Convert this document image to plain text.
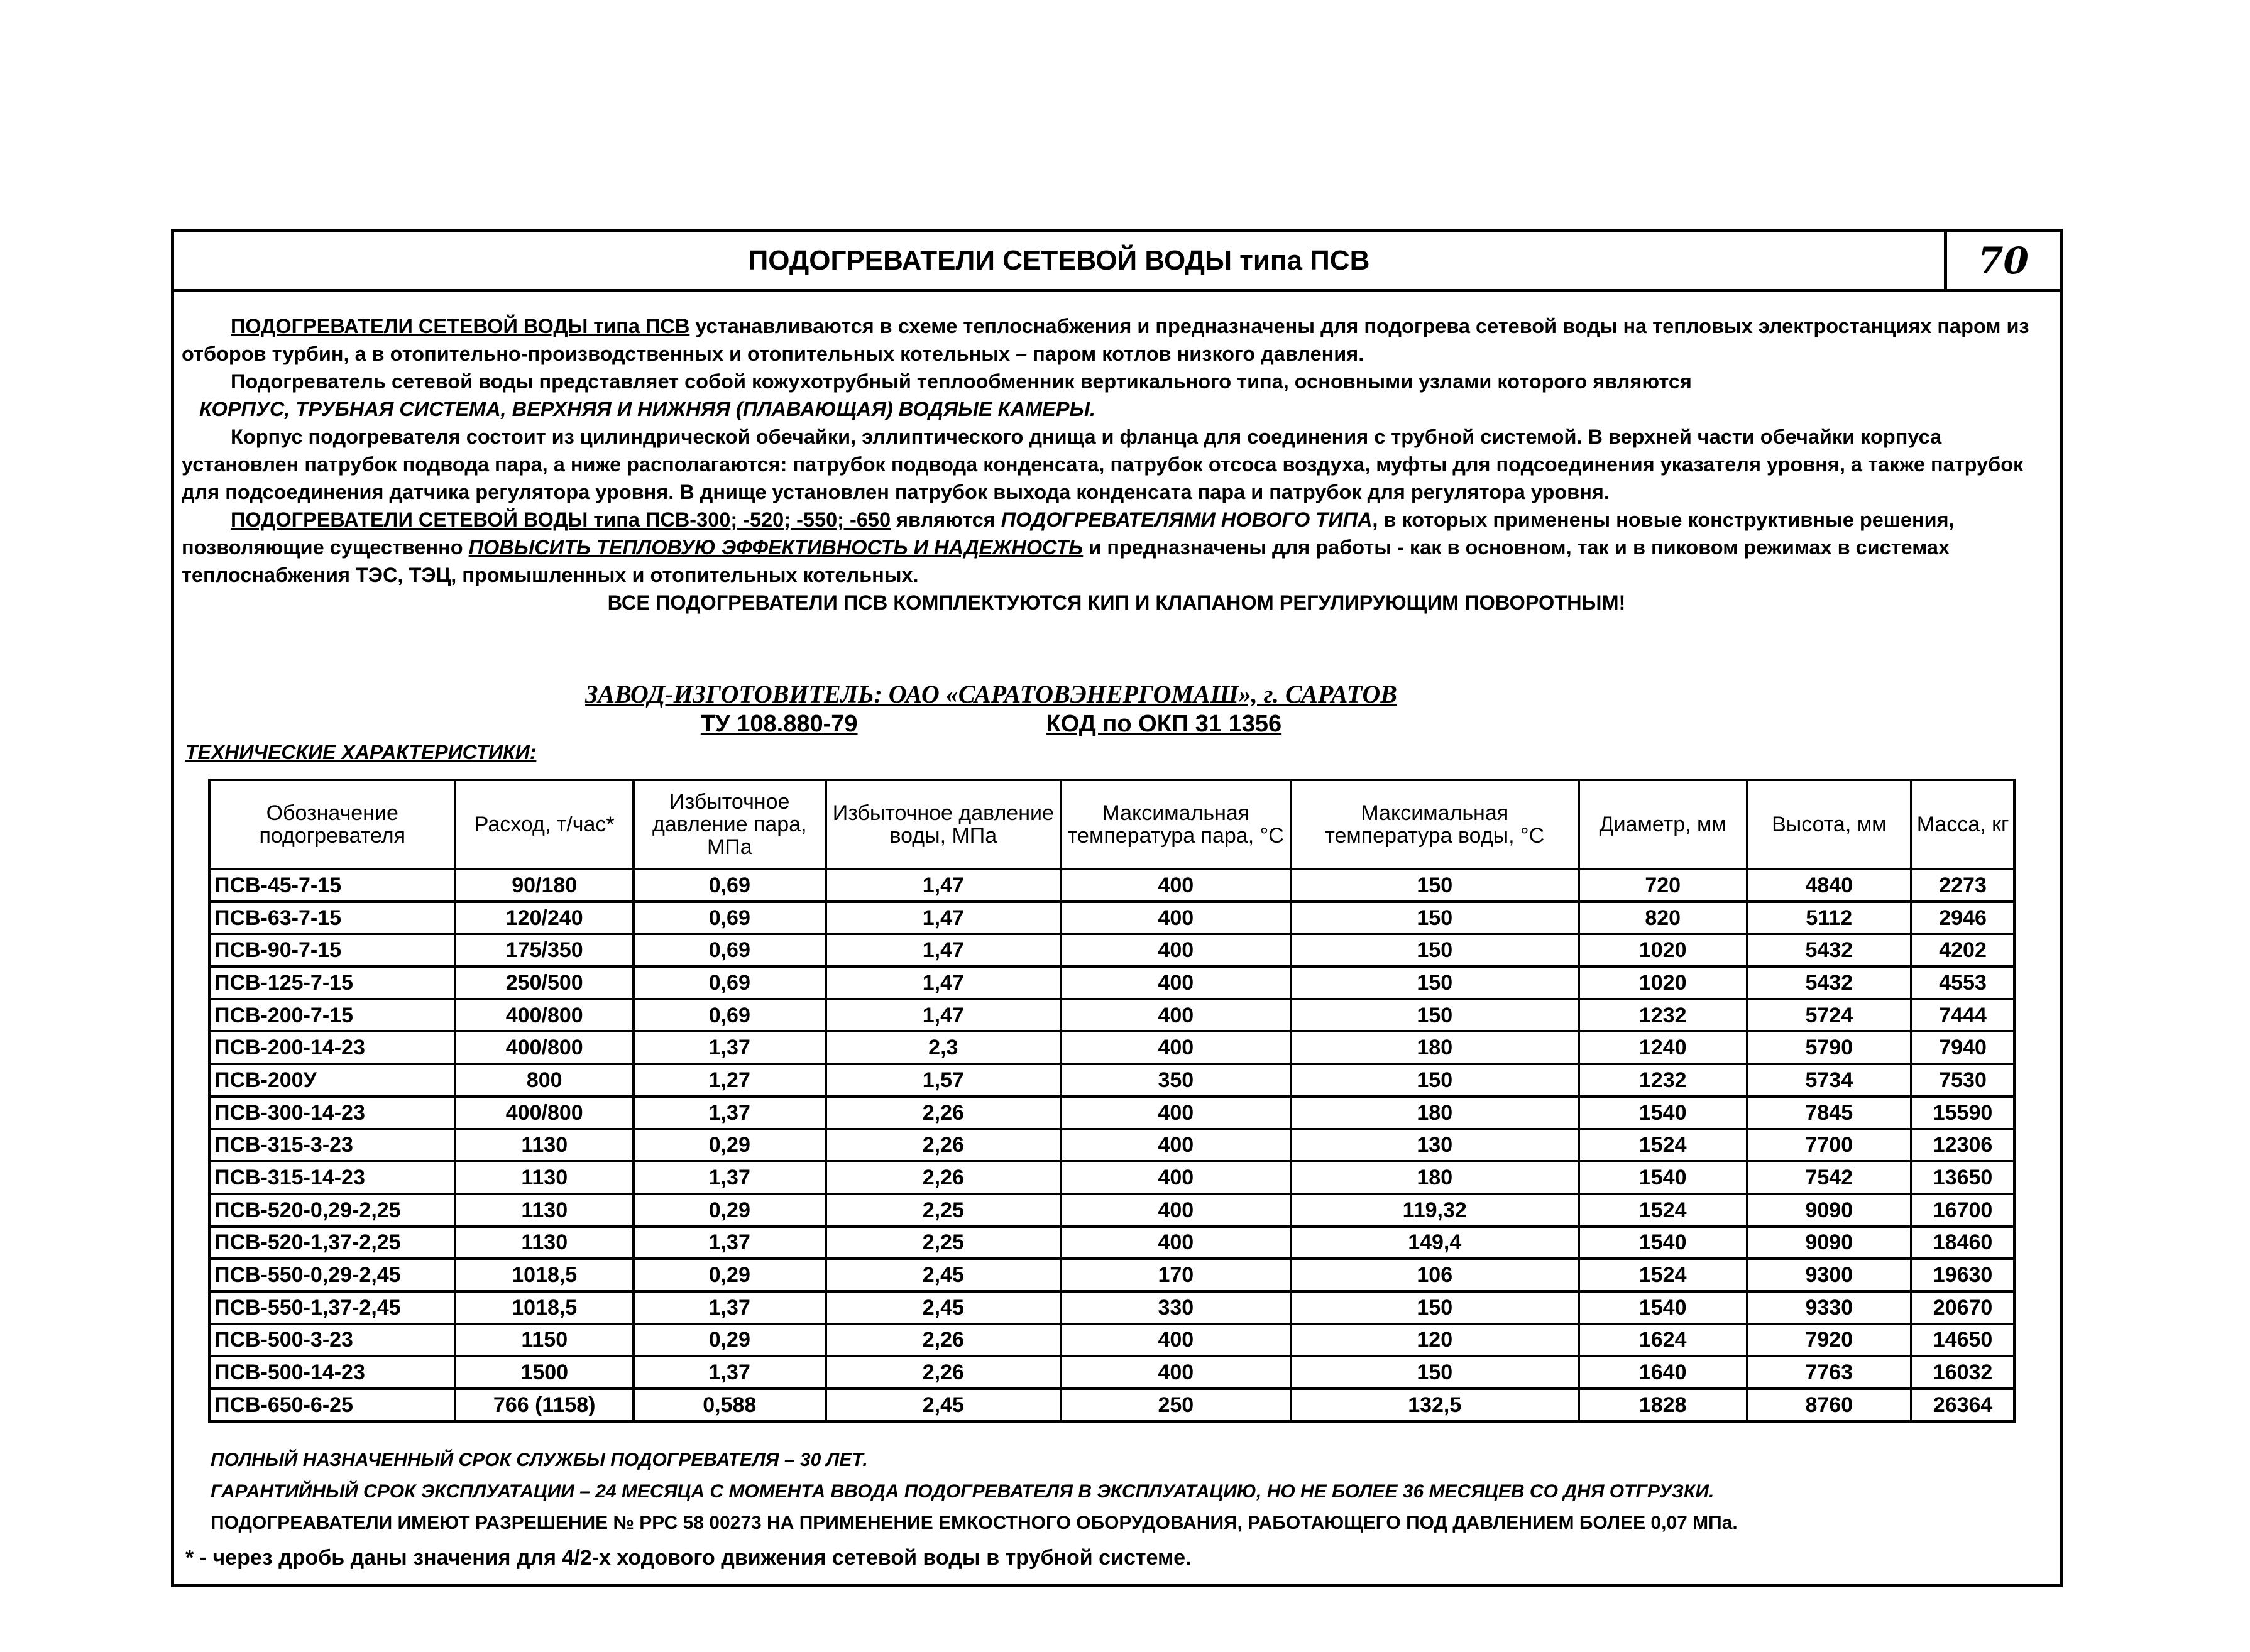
ПОДОГРЕВАТЕЛИ СЕТЕВОЙ ВОДЫ типа ПСВ	70

ПОДОГРЕВАТЕЛИ СЕТЕВОЙ ВОДЫ типа ПСВ устанавливаются в схеме теплоснабжения и предназначены для подогрева сетевой воды на тепловых электростанциях паром из отборов турбин, а в отопительно-производственных и отопительных котельных – паром котлов низкого давления.

Подогреватель сетевой воды представляет собой кожухотрубный теплообменник вертикального типа, основными узлами которого являются
КОРПУС, ТРУБНАЯ СИСТЕМА, ВЕРХНЯЯ И НИЖНЯЯ (ПЛАВАЮЩАЯ) ВОДЯЫЕ КАМЕРЫ.

Корпус подогревателя состоит из цилиндрической обечайки, эллиптического днища и фланца для соединения с трубной системой. В верхней части обечайки корпуса установлен патрубок подвода пара, а ниже располагаются: патрубок подвода конденсата, патрубок отсоса воздуха, муфты для подсоединения указателя уровня, а также патрубок для подсоединения датчика регулятора уровня. В днище установлен патрубок выхода конденсата пара и патрубок для регулятора уровня.

ПОДОГРЕВАТЕЛИ СЕТЕВОЙ ВОДЫ типа ПСВ-300; -520; -550; -650 являются ПОДОГРЕВАТЕЛЯМИ НОВОГО ТИПА, в которых применены новые конструктивные решения, позволяющие существенно ПОВЫСИТЬ ТЕПЛОВУЮ ЭФФЕКТИВНОСТЬ И НАДЕЖНОСТЬ и предназначены для работы - как в основном, так и в пиковом режимах в системах теплоснабжения ТЭС, ТЭЦ, промышленных и отопительных котельных.

ВСЕ ПОДОГРЕВАТЕЛИ ПСВ КОМПЛЕКТУЮТСЯ КИП И КЛАПАНОМ РЕГУЛИРУЮЩИМ ПОВОРОТНЫМ!

ЗАВОД-ИЗГОТОВИТЕЛЬ: ОАО «САРАТОВЭНЕРГОМАШ», г. САРАТОВ
ТУ 108.880-79	КОД по ОКП 31 1356
ТЕХНИЧЕСКИЕ ХАРАКТЕРИСТИКИ:
Обозначение подогревателя	Расход, т/час*	Избыточное давление пара, МПа	Избыточное давление воды, МПа	Максимальная температура пара, °С	Максимальная температура воды, °С	Диаметр, мм	Высота, мм	Масса, кг
ПСВ-45-7-15	90/180	0,69	1,47	400	150	720	4840	2273
ПСВ-63-7-15	120/240	0,69	1,47	400	150	820	5112	2946
ПСВ-90-7-15	175/350	0,69	1,47	400	150	1020	5432	4202
ПСВ-125-7-15	250/500	0,69	1,47	400	150	1020	5432	4553
ПСВ-200-7-15	400/800	0,69	1,47	400	150	1232	5724	7444
ПСВ-200-14-23	400/800	1,37	2,3	400	180	1240	5790	7940
ПСВ-200У	800	1,27	1,57	350	150	1232	5734	7530
ПСВ-300-14-23	400/800	1,37	2,26	400	180	1540	7845	15590
ПСВ-315-3-23	1130	0,29	2,26	400	130	1524	7700	12306
ПСВ-315-14-23	1130	1,37	2,26	400	180	1540	7542	13650
ПСВ-520-0,29-2,25	1130	0,29	2,25	400	119,32	1524	9090	16700
ПСВ-520-1,37-2,25	1130	1,37	2,25	400	149,4	1540	9090	18460
ПСВ-550-0,29-2,45	1018,5	0,29	2,45	170	106	1524	9300	19630
ПСВ-550-1,37-2,45	1018,5	1,37	2,45	330	150	1540	9330	20670
ПСВ-500-3-23	1150	0,29	2,26	400	120	1624	7920	14650
ПСВ-500-14-23	1500	1,37	2,26	400	150	1640	7763	16032
ПСВ-650-6-25	766 (1158)	0,588	2,45	250	132,5	1828	8760	26364
ПОЛНЫЙ НАЗНАЧЕННЫЙ СРОК СЛУЖБЫ ПОДОГРЕВАТЕЛЯ – 30 ЛЕТ.
ГАРАНТИЙНЫЙ СРОК ЭКСПЛУАТАЦИИ – 24 МЕСЯЦА С МОМЕНТА ВВОДА ПОДОГРЕВАТЕЛЯ В ЭКСПЛУАТАЦИЮ, НО НЕ БОЛЕЕ 36 МЕСЯЦЕВ СО ДНЯ ОТГРУЗКИ.
ПОДОГРЕАВАТЕЛИ ИМЕЮТ РАЗРЕШЕНИЕ № РРС 58 00273 НА ПРИМЕНЕНИЕ ЕМКОСТНОГО ОБОРУДОВАНИЯ, РАБОТАЮЩЕГО ПОД ДАВЛЕНИЕМ БОЛЕЕ 0,07 МПа.
* - через дробь даны значения для 4/2-х ходового движения сетевой воды в трубной системе.
